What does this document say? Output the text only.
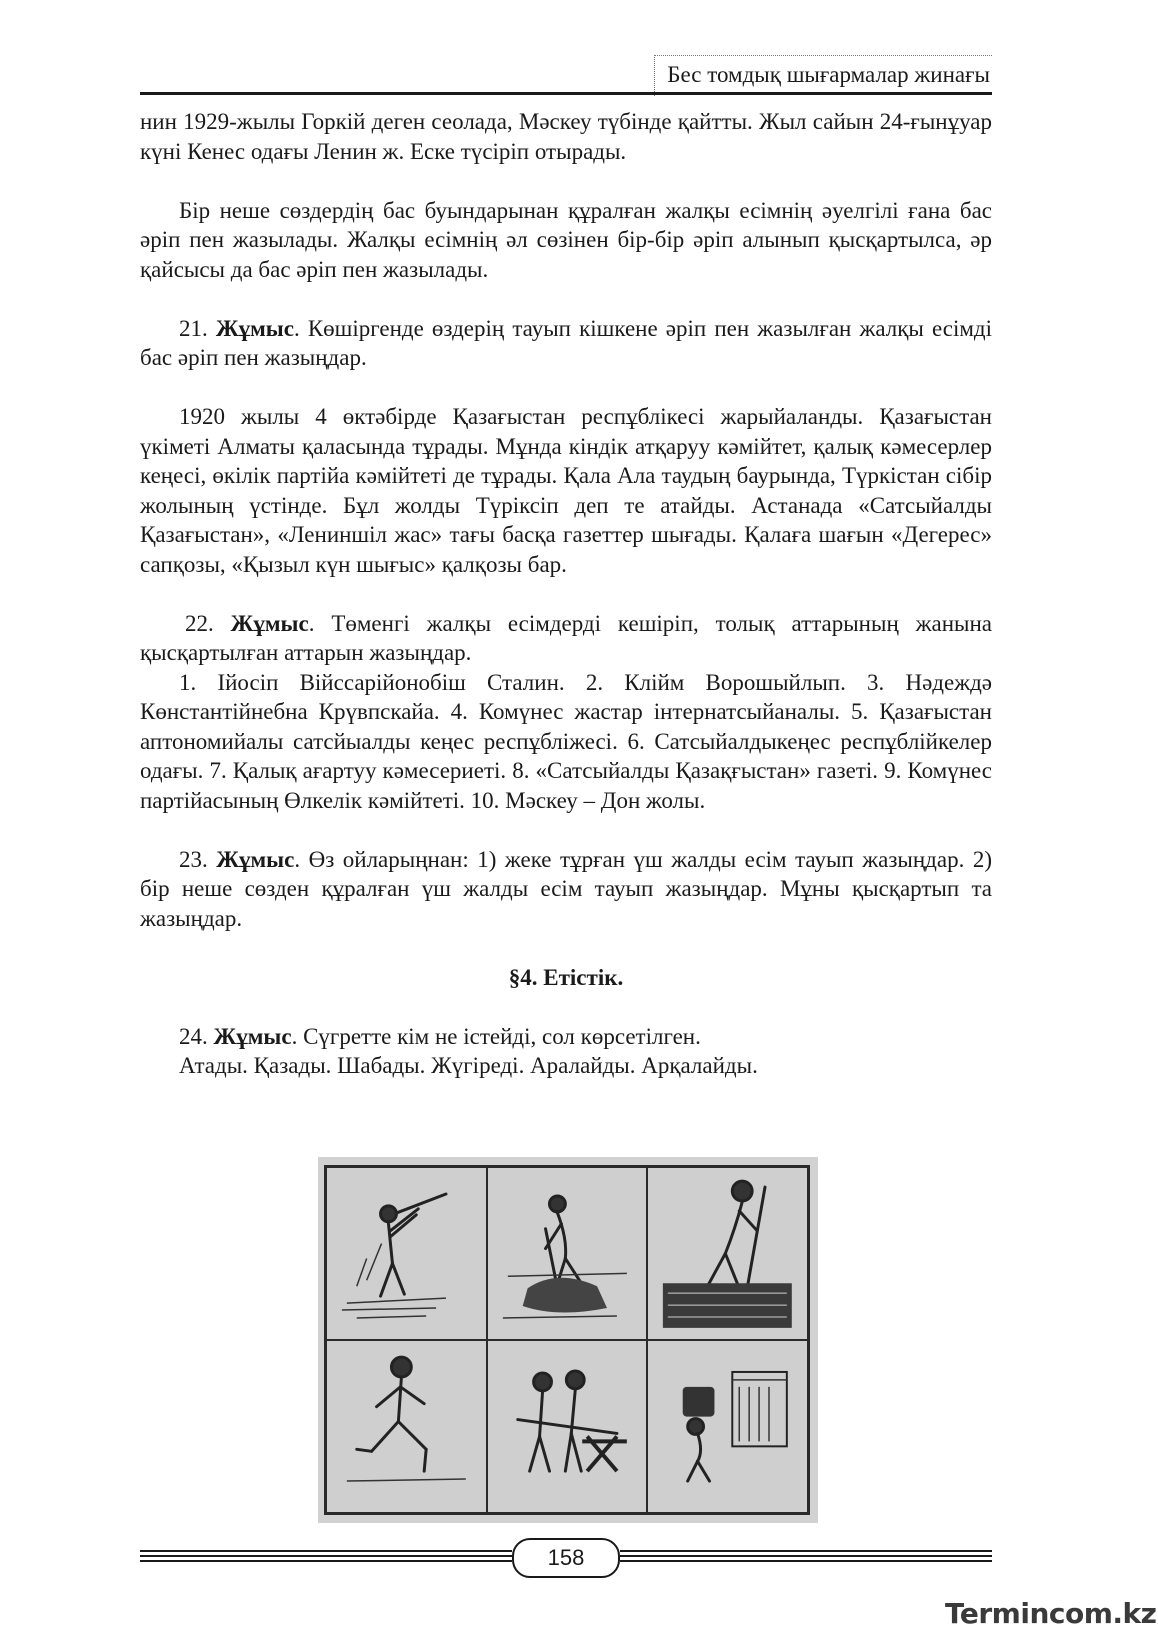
Бес томдық шығармалар жинағы

нин 1929-жылы Горкій деген сеолада, Мәскеу түбінде қайтты. Жыл сайын 24-ғынұуар күні Кенес одағы Ленин ж. Еске түсіріп отырады.

Бір неше сөздердің бас буындарынан құралған жалқы есімнің әуелгілі ғана бас әріп пен жазылады. Жалқы есімнің әл сөзінен бір-бір әріп алынып қысқартылса, әр қайсысы да бас әріп пен жазылады.

21. Жұмыс. Көшіргенде өздерің тауып кішкене әріп пен жазылған жалқы есімді бас әріп пен жазыңдар.

1920 жылы 4 өктәбірде Қазағыстан респұблікесі жарыйаланды. Қазағыстан үкіметі Алматы қаласында тұрады. Мұнда кіндік атқаруу кәмійтет, қалық кәмесерлер кеңесі, өкілік партійа кәмійтеті де тұрады. Қала Ала таудың баурында, Түркістан сібір жолының үстінде. Бұл жолды Түріксіп деп те атайды. Астанада «Сатсыйалды Қазағыстан», «Лениншіл жас» тағы басқа газеттер шығады. Қалаға шағын «Дегерес» сапқозы, «Қызыл күн шығыс» қалқозы бар.

22. Жұмыс. Төменгі жалқы есімдерді кешіріп, толық аттарының жанына қысқартылған аттарын жазыңдар.

1. Ійосіп Війссарійонобіш Сталин. 2. Клійм Ворошыйлып. 3. Нәдеждә Көнстантійнебна Крүвпскайа. 4. Комүнес жастар інтернатсыйаналы. 5. Қазағыстан аптономийалы сатсйыалды кеңес респұбліжесі. 6. Сатсыйалдыкеңес респұблійкелер одағы. 7. Қалық ағартуу кәмесериеті. 8. «Сатсыйалды Қазақғыстан» газеті. 9. Комүнес партійасының Өлкелік кәмійтеті. 10. Мәскеу – Дон жолы.

23. Жұмыс. Өз ойларыңнан: 1) жеке тұрған үш жалды есім тауып жазыңдар. 2) бір неше сөзден құралған үш жалды есім тауып жазыңдар. Мұны қысқартып та жазыңдар.

§4. Етістік.

24. Жұмыс. Сүгретте кім не істейді, сол көрсетілген.

Атады. Қазады. Шабады. Жүгіреді. Аралайды. Арқалайды.

158
Termincom.kz
